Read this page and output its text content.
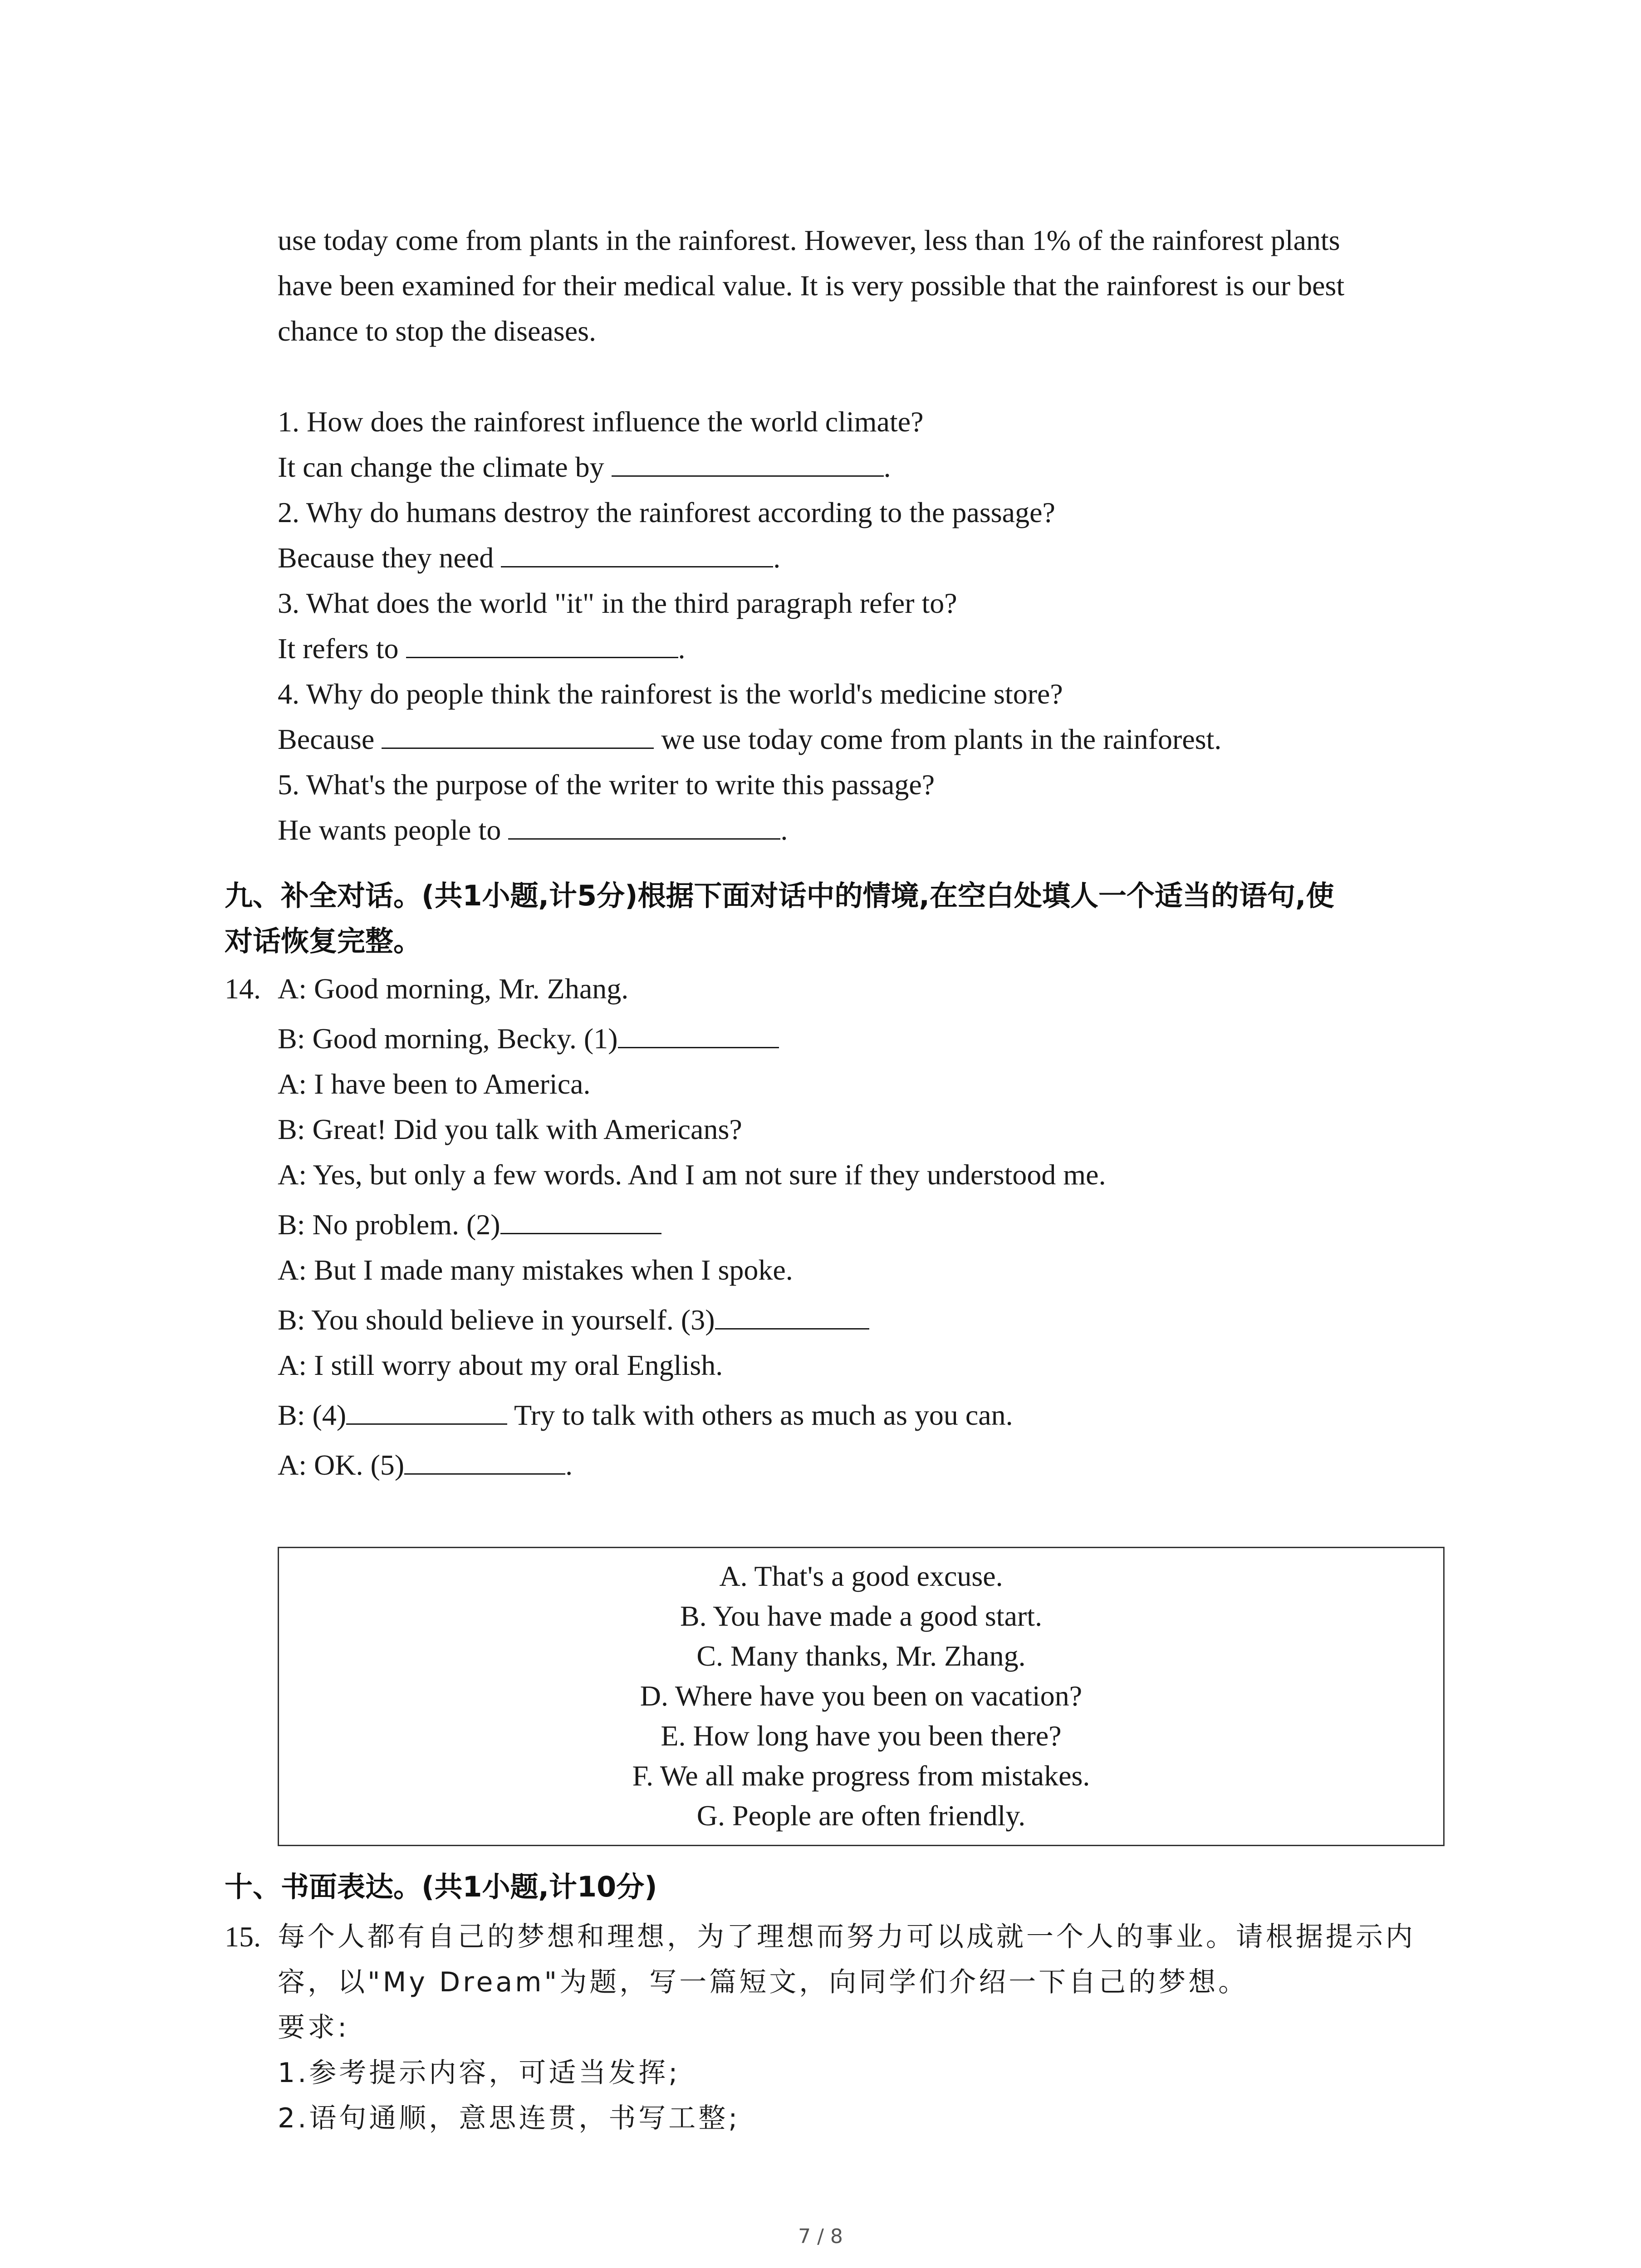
use today come from plants in the rainforest. However, less than 1% of the rainforest plants
have been examined for their medical value. It is very possible that the rainforest is our best
chance to stop the diseases.
1. How does the rainforest influence the world climate?
It can change the climate by	.
2. Why do humans destroy the rainforest according to the passage?
Because they need	.
3. What does the world "it" in the third paragraph refer to?
It refers to	.
4. Why do people think the rainforest is the world's medicine store?
Because	we use today come from plants in the rainforest.
5. What's the purpose of the writer to write this passage?
He wants people to	.
九、补全对话。(共1小题,计5分)根据下面对话中的情境,在空白处填人一个适当的语句,使
对话恢复完整。
14. A: Good morning, Mr. Zhang.
B: Good morning, Becky. (1)
A: I have been to America.
B: Great! Did you talk with Americans?
A: Yes, but only a few words. And I am not sure if they understood me.
B: No problem. (2)
A: But I made many mistakes when I spoke.
B: You should believe in yourself. (3)
A: I still worry about my oral English.
B: (4)	Try to talk with others as much as you can.
A: OK. (5)	.
A. That's a good excuse.
B. You have made a good start.
C. Many thanks, Mr. Zhang.
D. Where have you been on vacation?
E. How long have you been there?
F. We all make progress from mistakes.
G. People are often friendly.
十、书面表达。(共1小题,计10分)
15. 每个人都有自己的梦想和理想，为了理想而努力可以成就一个人的事业。请根据提示内
容，以"My Dream"为题，写一篇短文，向同学们介绍一下自己的梦想。
要求:
1.参考提示内容，可适当发挥;
2.语句通顺，意思连贯，书写工整;
7 / 8
